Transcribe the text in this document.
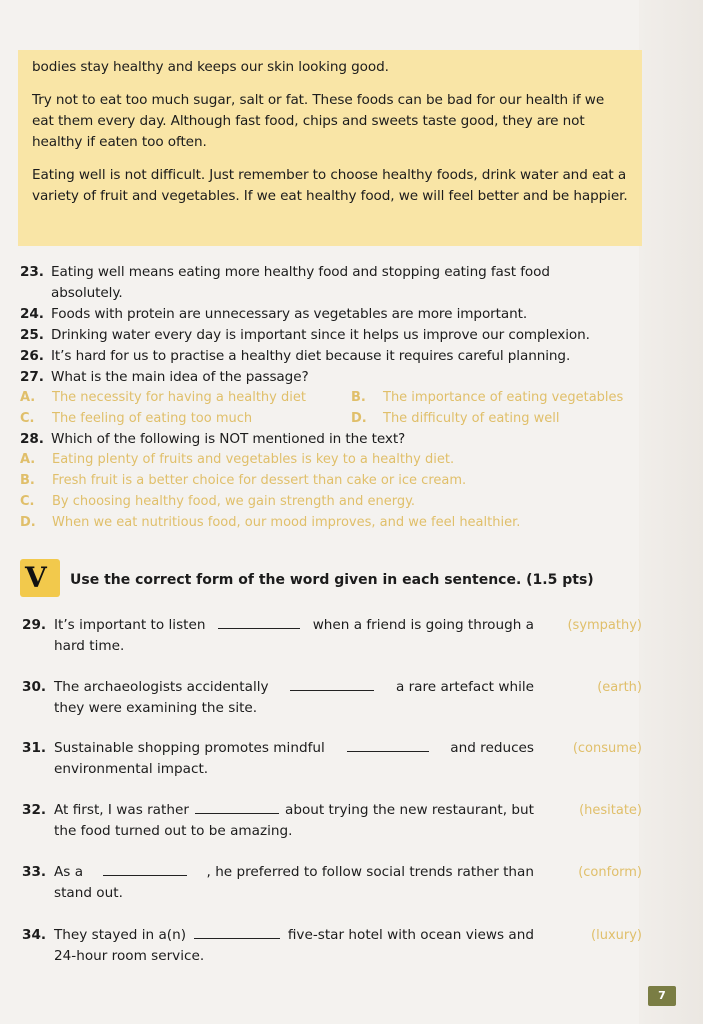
bodies stay healthy and keeps our skin looking good.

Try not to eat too much sugar, salt or fat. These foods can be bad for our health if we eat them every day. Although fast food, chips and sweets taste good, they are not healthy if eaten too often.

Eating well is not difficult. Just remember to choose healthy foods, drink water and eat a variety of fruit and vegetables. If we eat healthy food, we will feel better and be happier.

23. Eating well means eating more healthy food and stopping eating fast food
absolutely.
24. Foods with protein are unnecessary as vegetables are more important.
25. Drinking water every day is important since it helps us improve our complexion.
26. It’s hard for us to practise a healthy diet because it requires careful planning.
27. What is the main idea of the passage?
A. The necessity for having a healthy diet	B. The importance of eating vegetables
C. The feeling of eating too much	D. The difficulty of eating well
28. Which of the following is NOT mentioned in the text?
A. Eating plenty of fruits and vegetables is key to a healthy diet.
B. Fresh fruit is a better choice for dessert than cake or ice cream.
C. By choosing healthy food, we gain strength and energy.
D. When we eat nutritious food, our mood improves, and we feel healthier.
V Use the correct form of the word given in each sentence. (1.5 pts)
29. It’s important to listen	when a friend is going through a
hard time.
(sympathy)
30. The archaeologists accidentally	a rare artefact while
they were examining the site.
(earth)
31. Sustainable shopping promotes mindful	and reduces
environmental impact.
(consume)
32. At first, I was rather	about trying the new restaurant, but
the food turned out to be amazing.
(hesitate)
33. As a	, he preferred to follow social trends rather than
stand out.
(conform)
34. They stayed in a(n)	five-star hotel with ocean views and
24-hour room service.
(luxury)
7
